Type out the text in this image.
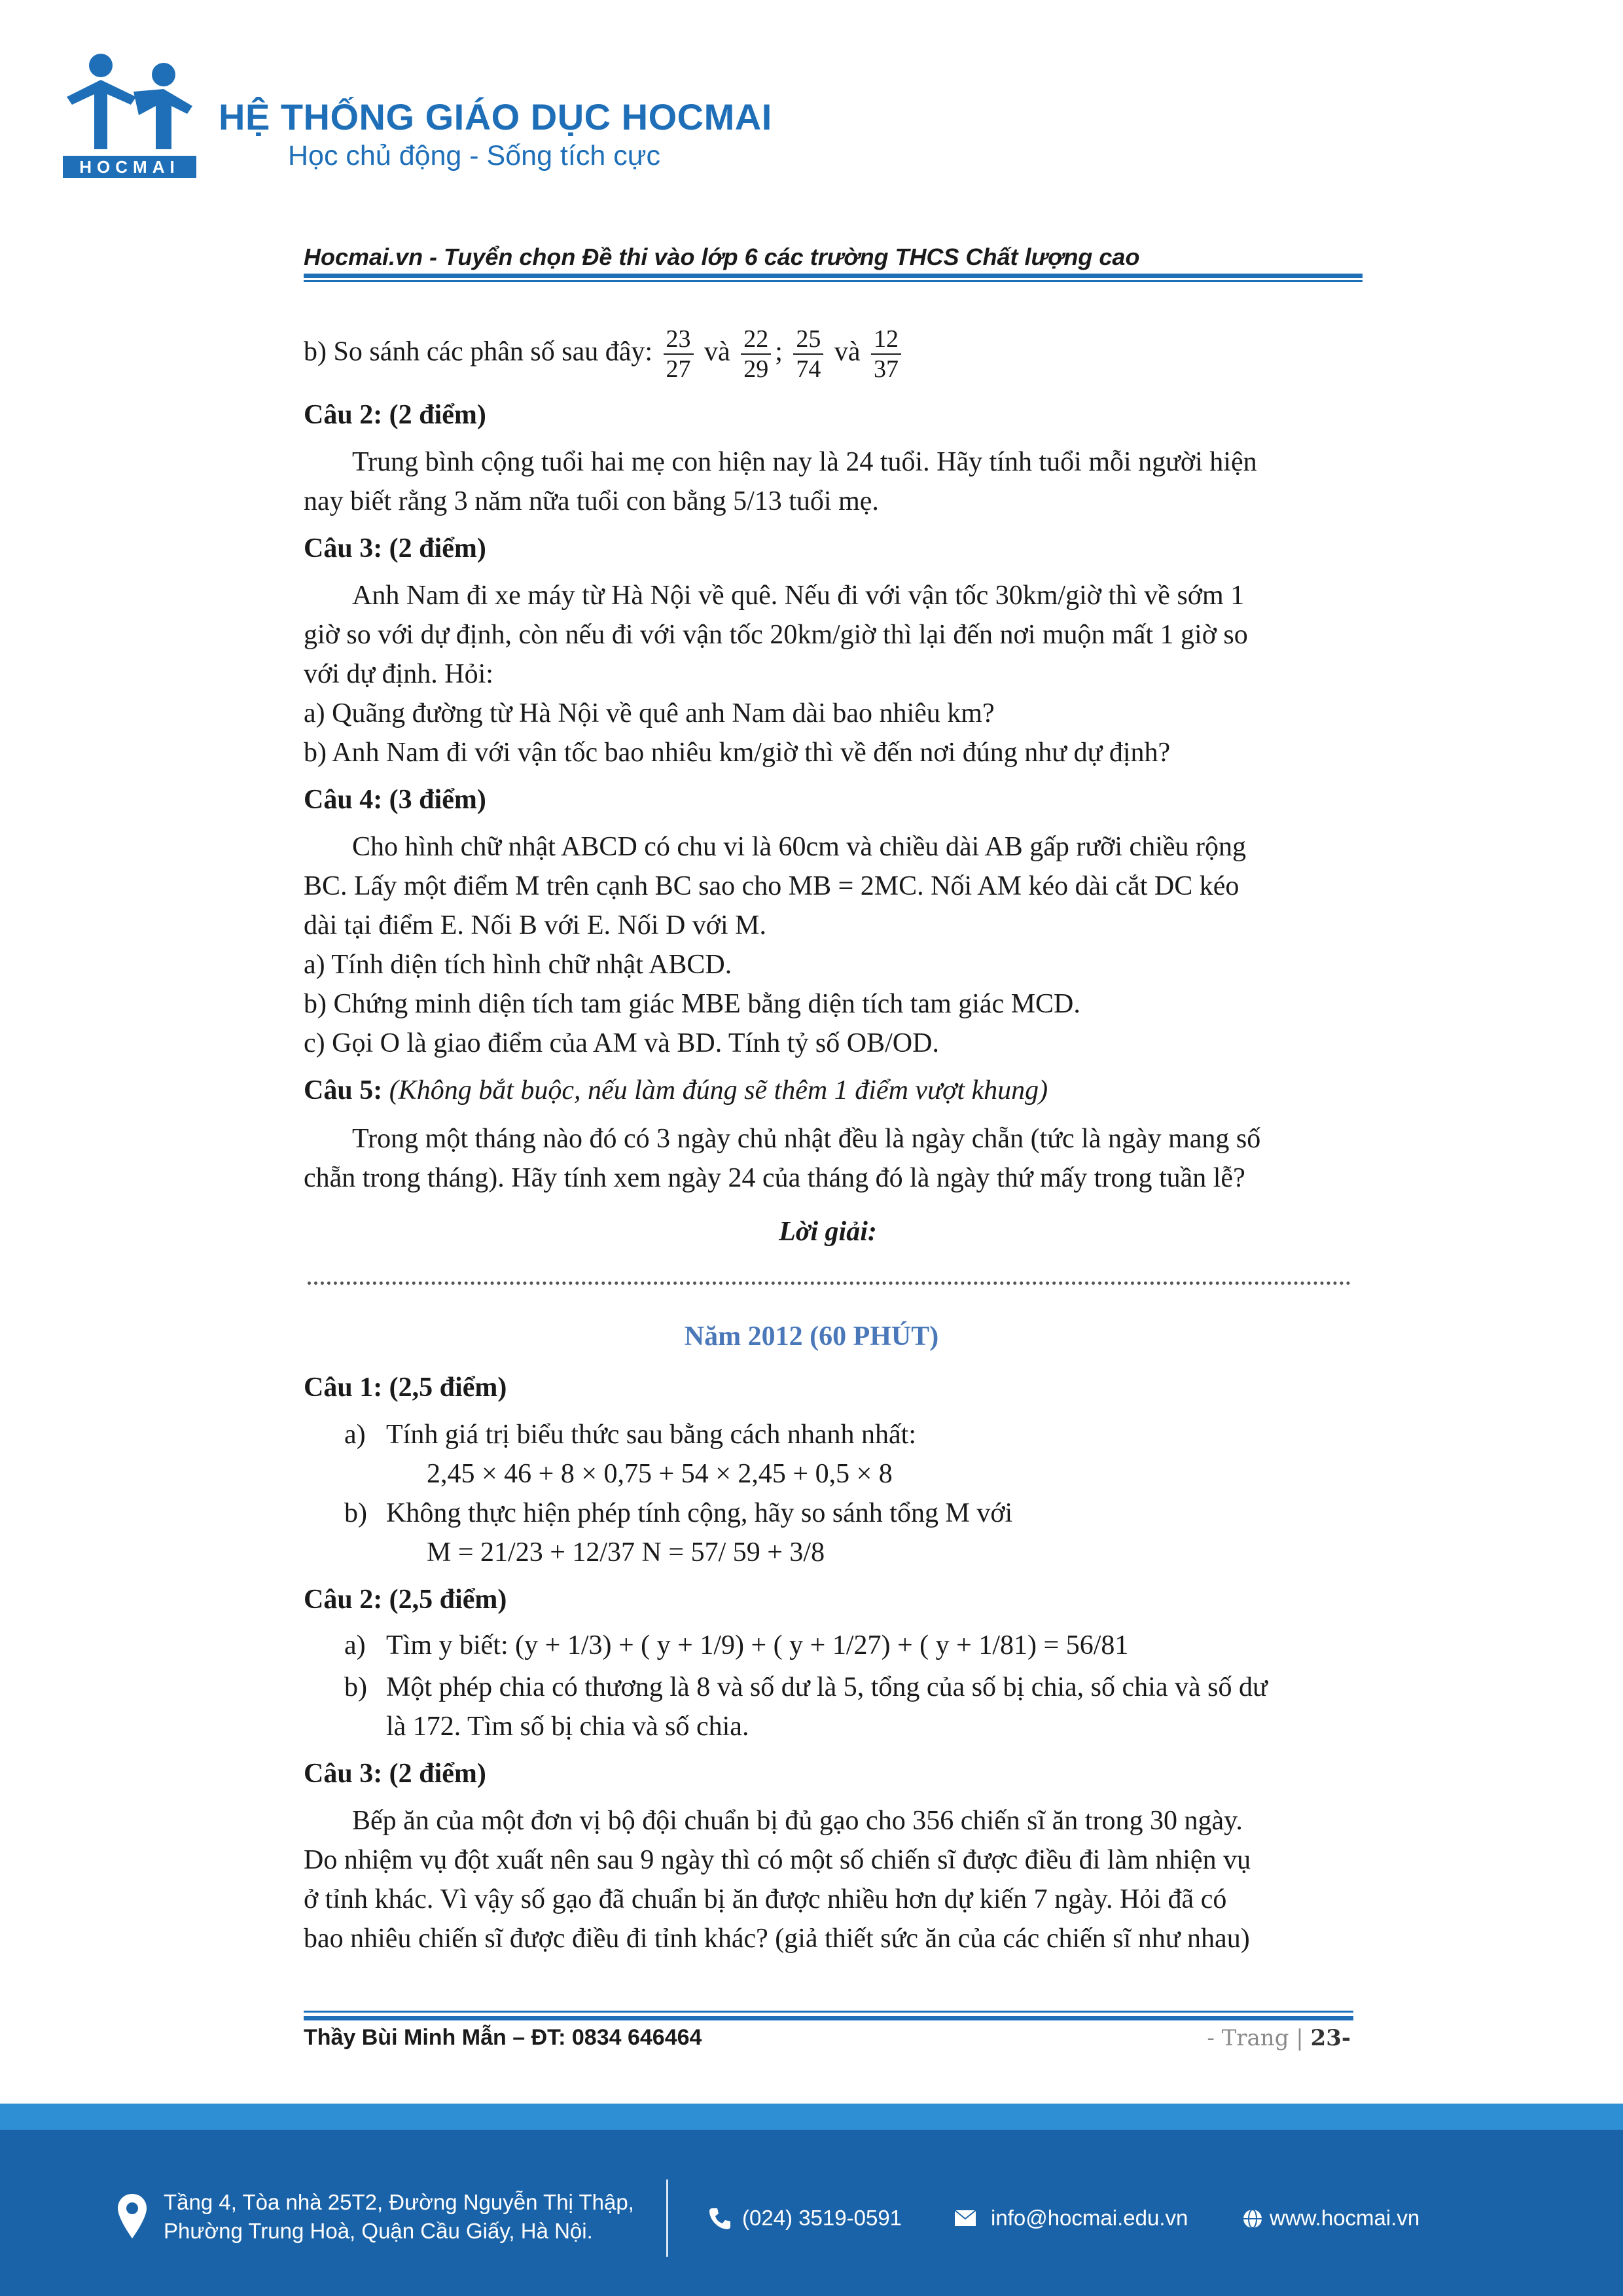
HOCMAI
HỆ THỐNG GIÁO DỤC HOCMAI
Học chủ động - Sống tích cực
Hocmai.vn - Tuyển chọn Đề thi vào lớp 6 các trường THCS Chất lượng cao
b) So sánh các phân số sau đây: $\frac{23}{27}$ và $\frac{22}{29}$ ; $\frac{25}{74}$ và $\frac{12}{37}$
Câu 2: (2 điểm)
Trung bình cộng tuổi hai mẹ con hiện nay là 24 tuổi. Hãy tính tuổi mỗi người hiện
nay biết rằng 3 năm nữa tuổi con bằng 5/13 tuổi mẹ.
Câu 3: (2 điểm)
Anh Nam đi xe máy từ Hà Nội về quê. Nếu đi với vận tốc 30km/giờ thì về sớm 1
giờ so với dự định, còn nếu đi với vận tốc 20km/giờ thì lại đến nơi muộn mất 1 giờ so
với dự định. Hỏi:
a) Quãng đường từ Hà Nội về quê anh Nam dài bao nhiêu km?
b) Anh Nam đi với vận tốc bao nhiêu km/giờ thì về đến nơi đúng như dự định?
Câu 4: (3 điểm)
Cho hình chữ nhật ABCD có chu vi là 60cm và chiều dài AB gấp rưỡi chiều rộng
BC. Lấy một điểm M trên cạnh BC sao cho MB = 2MC. Nối AM kéo dài cắt DC kéo
dài tại điểm E. Nối B với E. Nối D với M.
a) Tính diện tích hình chữ nhật ABCD.
b) Chứng minh diện tích tam giác MBE bằng diện tích tam giác MCD.
c) Gọi O là giao điểm của AM và BD. Tính tỷ số OB/OD.
Câu 5: (Không bắt buộc, nếu làm đúng sẽ thêm 1 điểm vượt khung)
Trong một tháng nào đó có 3 ngày chủ nhật đều là ngày chẵn (tức là ngày mang số
chẵn trong tháng). Hãy tính xem ngày 24 của tháng đó là ngày thứ mấy trong tuần lễ?
Lời giải:
Năm 2012 (60 PHÚT)
Câu 1: (2,5 điểm)
a) Tính giá trị biểu thức sau bằng cách nhanh nhất:
2,45 × 46 + 8 × 0,75 + 54 × 2,45 + 0,5 × 8
b) Không thực hiện phép tính cộng, hãy so sánh tổng M với
M = 21/23 + 12/37 N = 57/ 59 + 3/8
Câu 2: (2,5 điểm)
a) Tìm y biết: (y + 1/3) + ( y + 1/9) + ( y + 1/27) + ( y + 1/81) = 56/81
b) Một phép chia có thương là 8 và số dư là 5, tổng của số bị chia, số chia và số dư
là 172. Tìm số bị chia và số chia.
Câu 3: (2 điểm)
Bếp ăn của một đơn vị bộ đội chuẩn bị đủ gạo cho 356 chiến sĩ ăn trong 30 ngày.
Do nhiệm vụ đột xuất nên sau 9 ngày thì có một số chiến sĩ được điều đi làm nhiện vụ
ở tỉnh khác. Vì vậy số gạo đã chuẩn bị ăn được nhiều hơn dự kiến 7 ngày. Hỏi đã có
bao nhiêu chiến sĩ được điều đi tỉnh khác? (giả thiết sức ăn của các chiến sĩ như nhau)
Thầy Bùi Minh Mẫn – ĐT: 0834 646464	- Trang | 23-
Tầng 4, Tòa nhà 25T2, Đường Nguyễn Thị Thập,
Phường Trung Hoà, Quận Cầu Giấy, Hà Nội.
(024) 3519-0591	info@hocmai.edu.vn	www.hocmai.vn
